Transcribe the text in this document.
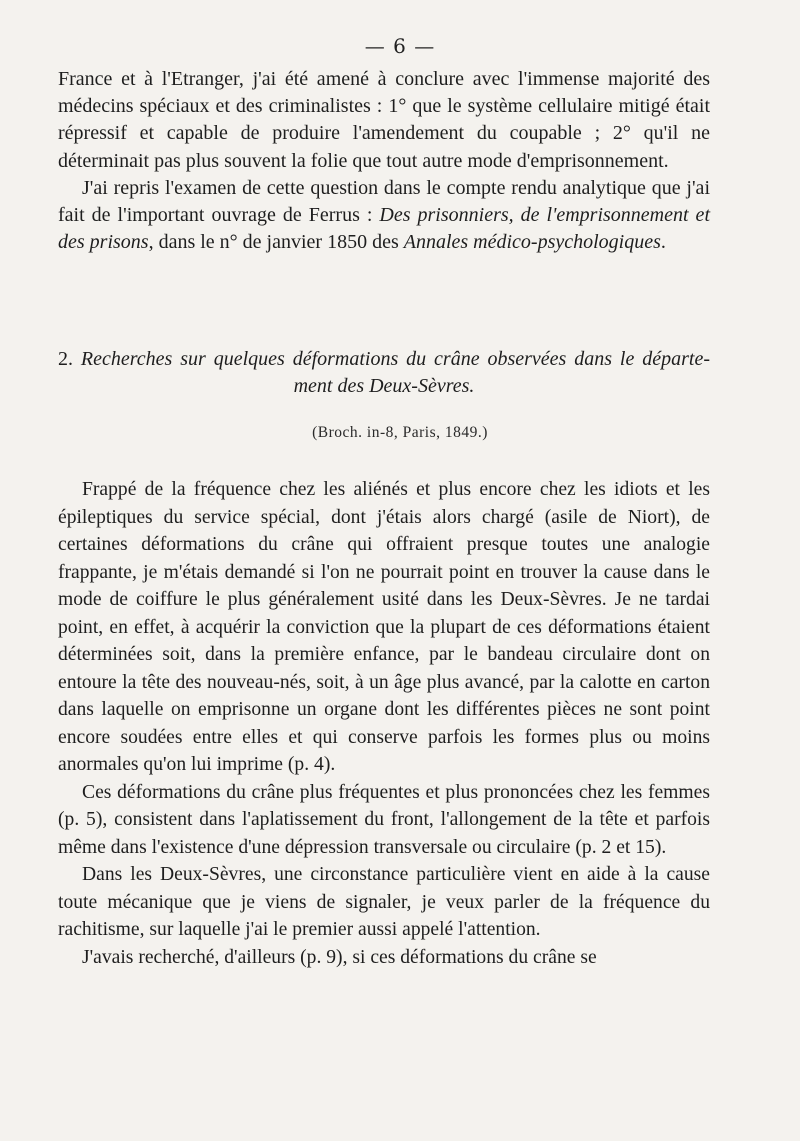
— 6 —

France et à l'Etranger, j'ai été amené à conclure avec l'immense majorité des médecins spéciaux et des criminalistes : 1° que le système cellulaire mitigé était répressif et capable de produire l'amendement du coupable ; 2° qu'il ne déterminait pas plus souvent la folie que tout autre mode d'emprisonnement.

J'ai repris l'examen de cette question dans le compte rendu analytique que j'ai fait de l'important ouvrage de Ferrus : Des prisonniers, de l'emprisonnement et des prisons, dans le n° de janvier 1850 des Annales médico-psychologiques.

2. Recherches sur quelques déformations du crâne observées dans le départe-
ment des Deux-Sèvres.
(Broch. in-8, Paris, 1849.)

Frappé de la fréquence chez les aliénés et plus encore chez les idiots et les épileptiques du service spécial, dont j'étais alors chargé (asile de Niort), de certaines déformations du crâne qui offraient presque toutes une analogie frappante, je m'étais demandé si l'on ne pourrait point en trouver la cause dans le mode de coiffure le plus généralement usité dans les Deux-Sèvres. Je ne tardai point, en effet, à acquérir la conviction que la plupart de ces déformations étaient déterminées soit, dans la première enfance, par le bandeau circulaire dont on entoure la tête des nouveau-nés, soit, à un âge plus avancé, par la calotte en carton dans laquelle on emprisonne un organe dont les différentes pièces ne sont point encore soudées entre elles et qui conserve parfois les formes plus ou moins anormales qu'on lui imprime (p. 4).

Ces déformations du crâne plus fréquentes et plus prononcées chez les femmes (p. 5), consistent dans l'aplatissement du front, l'allongement de la tête et parfois même dans l'existence d'une dépression transversale ou circulaire (p. 2 et 15).

Dans les Deux-Sèvres, une circonstance particulière vient en aide à la cause toute mécanique que je viens de signaler, je veux parler de la fréquence du rachitisme, sur laquelle j'ai le premier aussi appelé l'attention.

J'avais recherché, d'ailleurs (p. 9), si ces déformations du crâne se
